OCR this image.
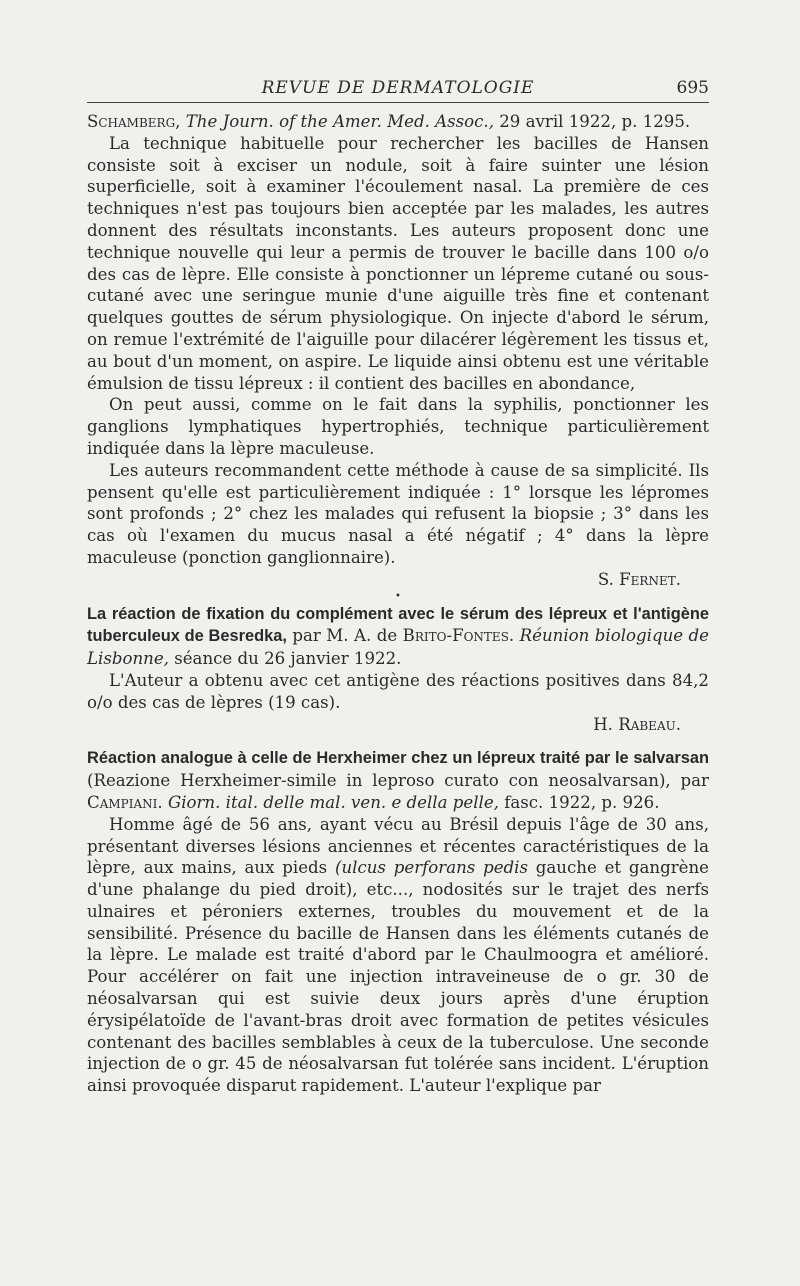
REVUE DE DERMATOLOGIE	695

Schamberg, The Journ. of the Amer. Med. Assoc., 29 avril 1922, p. 1295.

La technique habituelle pour rechercher les bacilles de Hansen consiste soit à exciser un nodule, soit à faire suinter une lésion superficielle, soit à examiner l'écoulement nasal. La première de ces techniques n'est pas toujours bien acceptée par les malades, les autres donnent des résultats inconstants. Les auteurs proposent donc une technique nouvelle qui leur a permis de trouver le bacille dans 100 o/o des cas de lèpre. Elle consiste à ponctionner un lépreme cutané ou sous-cutané avec une seringue munie d'une aiguille très fine et contenant quelques gouttes de sérum physiologique. On injecte d'abord le sérum, on remue l'extrémité de l'aiguille pour dilacérer légèrement les tissus et, au bout d'un moment, on aspire. Le liquide ainsi obtenu est une véritable émulsion de tissu lépreux : il contient des bacilles en abondance,

On peut aussi, comme on le fait dans la syphilis, ponctionner les ganglions lymphatiques hypertrophiés, technique particulièrement indiquée dans la lèpre maculeuse.

Les auteurs recommandent cette méthode à cause de sa simplicité. Ils pensent qu'elle est particulièrement indiquée : 1° lorsque les lépromes sont profonds ; 2° chez les malades qui refusent la biopsie ; 3° dans les cas où l'examen du mucus nasal a été négatif ; 4° dans la lèpre maculeuse (ponction ganglionnaire).

S. Fernet.

•

La réaction de fixation du complément avec le sérum des lépreux et l'antigène tuberculeux de Besredka, par M. A. de Brito-Fontes. Réunion biologique de Lisbonne, séance du 26 janvier 1922.

L'Auteur a obtenu avec cet antigène des réactions positives dans 84,2 o/o des cas de lèpres (19 cas).

H. Rabeau.

Réaction analogue à celle de Herxheimer chez un lépreux traité par le salvarsan (Reazione Herxheimer-simile in leproso curato con neosalvarsan), par Campiani. Giorn. ital. delle mal. ven. e della pelle, fasc. 1922, p. 926.

Homme âgé de 56 ans, ayant vécu au Brésil depuis l'âge de 30 ans, présentant diverses lésions anciennes et récentes caractéristiques de la lèpre, aux mains, aux pieds (ulcus perforans pedis gauche et gangrène d'une phalange du pied droit), etc..., nodosités sur le trajet des nerfs ulnaires et péroniers externes, troubles du mouvement et de la sensibilité. Présence du bacille de Hansen dans les éléments cutanés de la lèpre. Le malade est traité d'abord par le Chaulmoogra et amélioré. Pour accélérer on fait une injection intraveineuse de o gr. 30 de néosalvarsan qui est suivie deux jours après d'une éruption érysipélatoïde de l'avant-bras droit avec formation de petites vésicules contenant des bacilles semblables à ceux de la tuberculose. Une seconde injection de o gr. 45 de néosalvarsan fut tolérée sans incident. L'éruption ainsi provoquée disparut rapidement. L'auteur l'explique par
